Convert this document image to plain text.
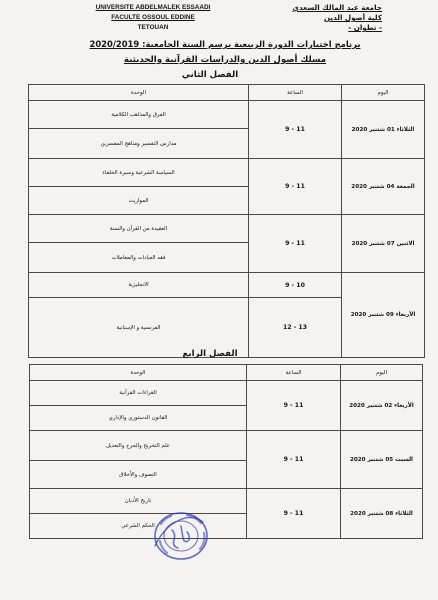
UNIVERSITE ABDELMALEK ESSAADI
FACULTE OSSOUL EDDINE
TETOUAN
جامعة عبد المالك السعدي
كلية أصول الدين
- تطوان -
برنامج اختبارات الدورة الربيعية برسم السنة الجامعية: 2020/2019
مسلك أصول الدين والدراسات القرآنية والحديثية
الفصل الثاني
اليوم	الساعة	الوحدة
الثلاثاء 01 شتنبر 2020	9 - 11	الفرق والمذاهب الكلامية
		مدارس التفسير ومناهج المفسرين
الجمعة 04 شتنبر 2020	9 - 11	السياسة الشرعية وسيرة الخلفاء
		المواريث
الاثنين 07 شتنبر 2020	9 - 11	العقيدة من القرآن والسنة
		فقه العبادات والمعاملات
الأربعاء 09 شتنبر 2020	9 - 10	الانجليزية
	12 - 13	الفرنسية و الإسبانية
الفصل الرابع
اليوم	الساعة	الوحدة
الأربعاء 02 شتنبر 2020	9 - 11	القراءات القرآنية
		القانون الدستوري والإداري
السبت 05 شتنبر 2020	9 - 11	علم التخريج والجرح والتعديل
		التصوف والأخلاق
الثلاثاء 08 شتنبر 2020	9 - 11	تاريخ الأديان
		الحكم الشرعي
